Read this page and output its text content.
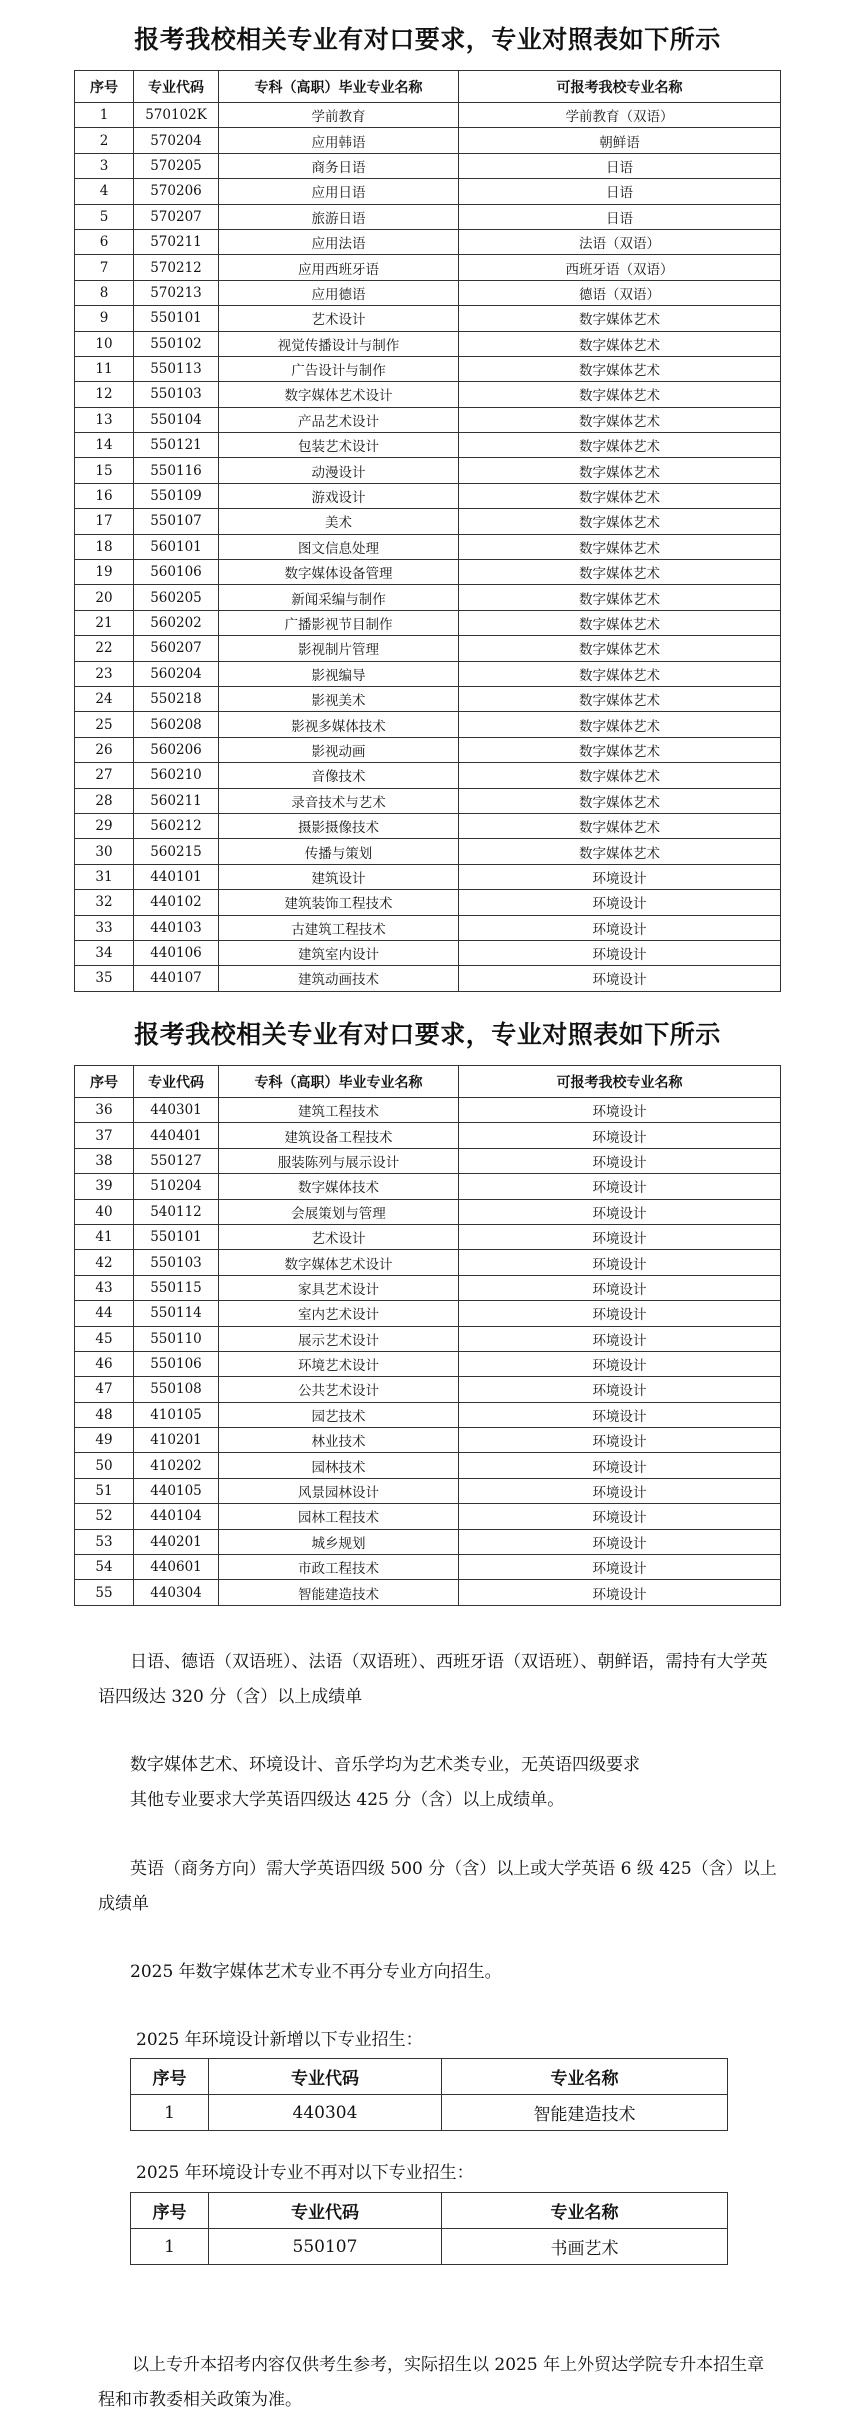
报考我校相关专业有对口要求，专业对照表如下所示
序号	专业代码	专科（高职）毕业专业名称	可报考我校专业名称
1	570102K	学前教育	学前教育（双语）
2	570204	应用韩语	朝鲜语
3	570205	商务日语	日语
4	570206	应用日语	日语
5	570207	旅游日语	日语
6	570211	应用法语	法语（双语）
7	570212	应用西班牙语	西班牙语（双语）
8	570213	应用德语	德语（双语）
9	550101	艺术设计	数字媒体艺术
10	550102	视觉传播设计与制作	数字媒体艺术
11	550113	广告设计与制作	数字媒体艺术
12	550103	数字媒体艺术设计	数字媒体艺术
13	550104	产品艺术设计	数字媒体艺术
14	550121	包装艺术设计	数字媒体艺术
15	550116	动漫设计	数字媒体艺术
16	550109	游戏设计	数字媒体艺术
17	550107	美术	数字媒体艺术
18	560101	图文信息处理	数字媒体艺术
19	560106	数字媒体设备管理	数字媒体艺术
20	560205	新闻采编与制作	数字媒体艺术
21	560202	广播影视节目制作	数字媒体艺术
22	560207	影视制片管理	数字媒体艺术
23	560204	影视编导	数字媒体艺术
24	550218	影视美术	数字媒体艺术
25	560208	影视多媒体技术	数字媒体艺术
26	560206	影视动画	数字媒体艺术
27	560210	音像技术	数字媒体艺术
28	560211	录音技术与艺术	数字媒体艺术
29	560212	摄影摄像技术	数字媒体艺术
30	560215	传播与策划	数字媒体艺术
31	440101	建筑设计	环境设计
32	440102	建筑装饰工程技术	环境设计
33	440103	古建筑工程技术	环境设计
34	440106	建筑室内设计	环境设计
35	440107	建筑动画技术	环境设计
报考我校相关专业有对口要求，专业对照表如下所示
序号	专业代码	专科（高职）毕业专业名称	可报考我校专业名称
36	440301	建筑工程技术	环境设计
37	440401	建筑设备工程技术	环境设计
38	550127	服装陈列与展示设计	环境设计
39	510204	数字媒体技术	环境设计
40	540112	会展策划与管理	环境设计
41	550101	艺术设计	环境设计
42	550103	数字媒体艺术设计	环境设计
43	550115	家具艺术设计	环境设计
44	550114	室内艺术设计	环境设计
45	550110	展示艺术设计	环境设计
46	550106	环境艺术设计	环境设计
47	550108	公共艺术设计	环境设计
48	410105	园艺技术	环境设计
49	410201	林业技术	环境设计
50	410202	园林技术	环境设计
51	440105	风景园林设计	环境设计
52	440104	园林工程技术	环境设计
53	440201	城乡规划	环境设计
54	440601	市政工程技术	环境设计
55	440304	智能建造技术	环境设计
日语、德语（双语班）、法语（双语班）、西班牙语（双语班）、朝鲜语，需持有大学英语四级达 320 分（含）以上成绩单
数字媒体艺术、环境设计、音乐学均为艺术类专业，无英语四级要求
其他专业要求大学英语四级达 425 分（含）以上成绩单。
英语（商务方向）需大学英语四级 500 分（含）以上或大学英语 6 级 425（含）以上成绩单
2025 年数字媒体艺术专业不再分专业方向招生。
2025 年环境设计新增以下专业招生：
序号	专业代码	专业名称
1	440304	智能建造技术
2025 年环境设计专业不再对以下专业招生：
序号	专业代码	专业名称
1	550107	书画艺术
以上专升本招考内容仅供考生参考，实际招生以 2025 年上外贸达学院专升本招生章程和市教委相关政策为准。
